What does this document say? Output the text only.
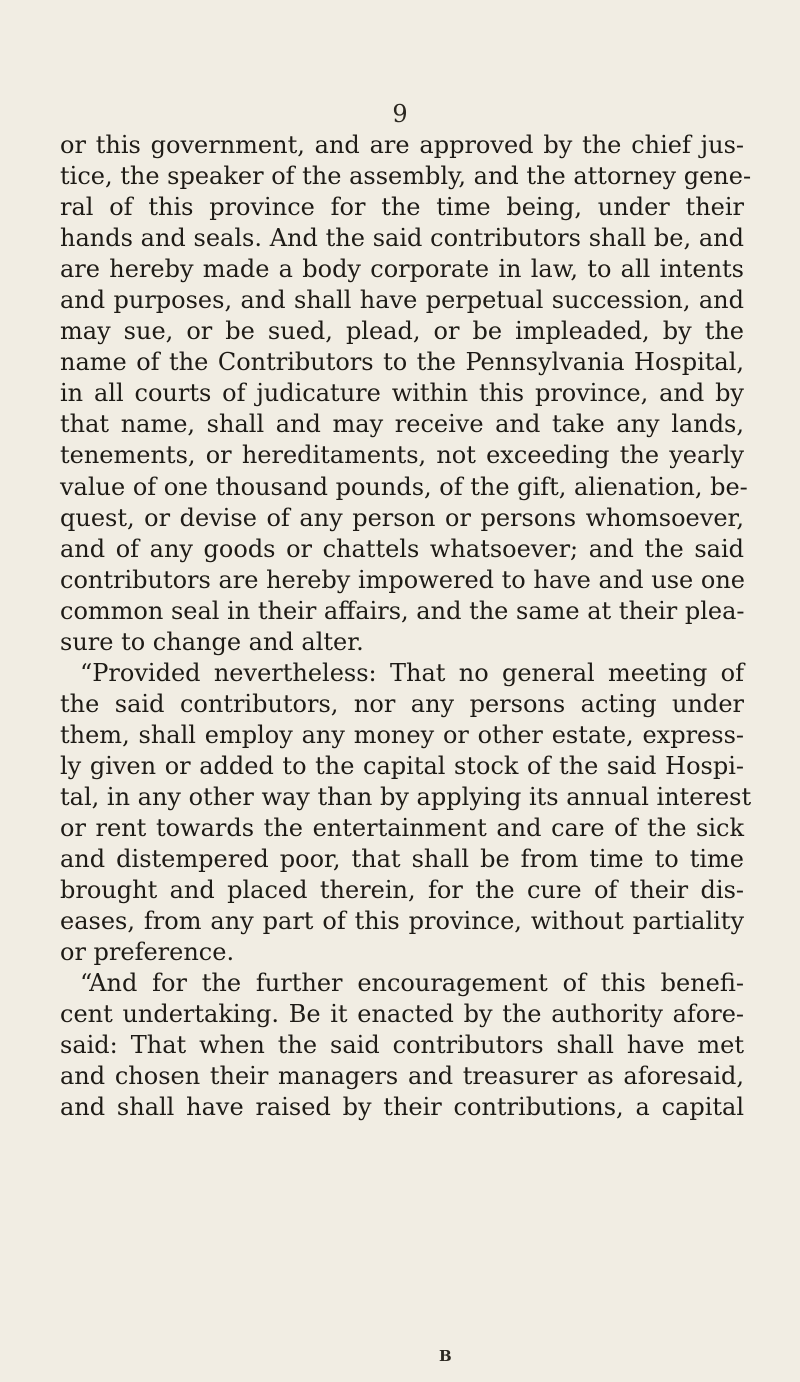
9
or this government, and are approved by the chief jus-
tice, the speaker of the assembly, and the attorney gene-
ral of this province for the time being, under their
hands and seals. And the said contributors shall be, and
are hereby made a body corporate in law, to all intents
and purposes, and shall have perpetual succession, and
may sue, or be sued, plead, or be impleaded, by the
name of the Contributors to the Pennsylvania Hospital,
in all courts of judicature within this province, and by
that name, shall and may receive and take any lands,
tenements, or hereditaments, not exceeding the yearly
value of one thousand pounds, of the gift, alienation, be-
quest, or devise of any person or persons whomsoever,
and of any goods or chattels whatsoever; and the said
contributors are hereby impowered to have and use one
common seal in their affairs, and the same at their plea-
sure to change and alter.
“Provided nevertheless: That no general meeting of
the said contributors, nor any persons acting under
them, shall employ any money or other estate, express-
ly given or added to the capital stock of the said Hospi-
tal, in any other way than by applying its annual interest
or rent towards the entertainment and care of the sick
and distempered poor, that shall be from time to time
brought and placed therein, for the cure of their dis-
eases, from any part of this province, without partiality
or preference.
“And for the further encouragement of this benefi-
cent undertaking. Be it enacted by the authority afore-
said: That when the said contributors shall have met
and chosen their managers and treasurer as aforesaid,
and shall have raised by their contributions, a capital
B
